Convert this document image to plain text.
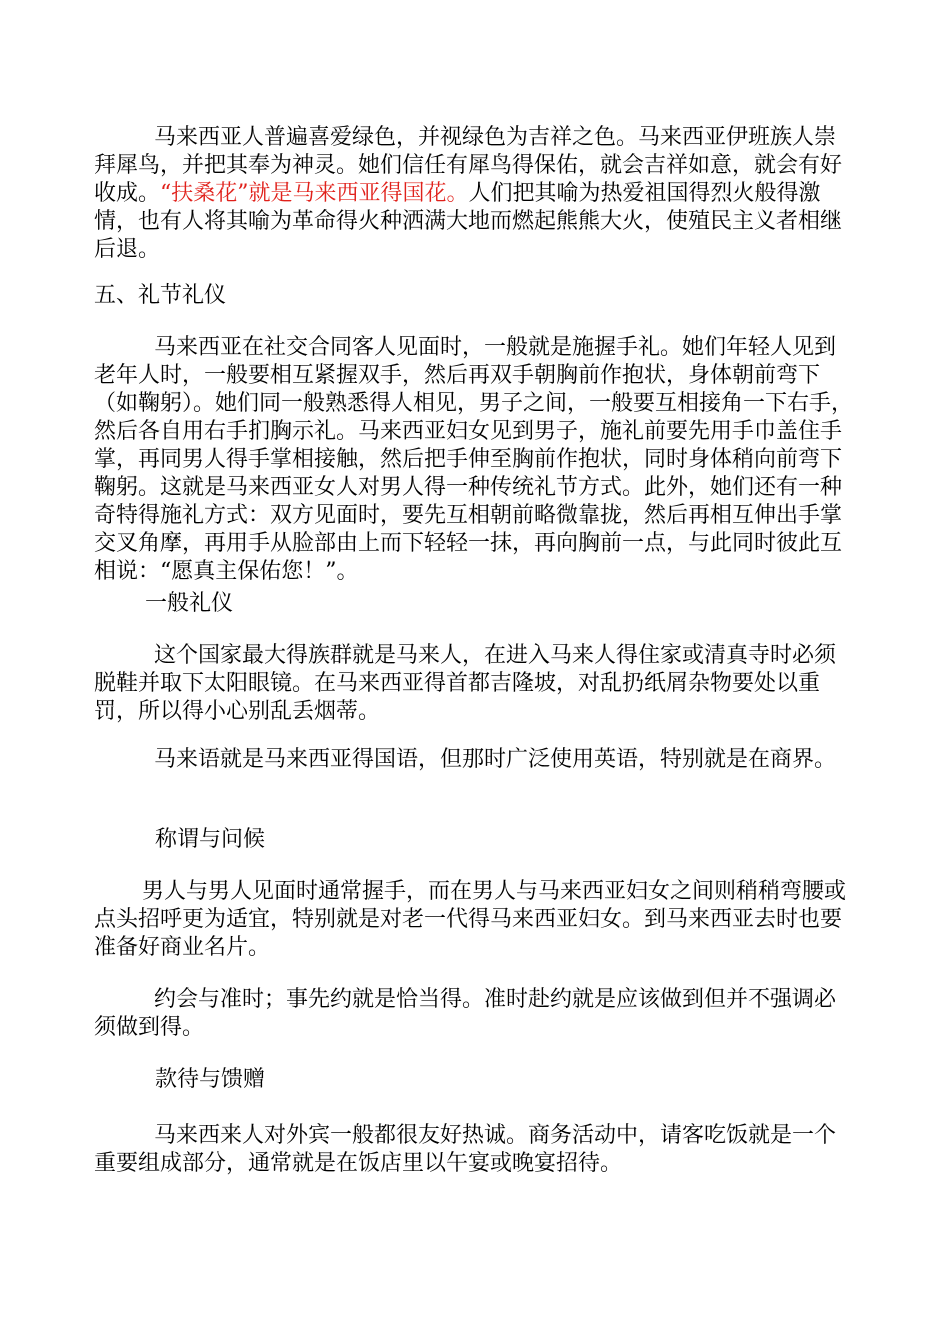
马来西亚人普遍喜爱绿色，并视绿色为吉祥之色。马来西亚伊班族人崇拜犀鸟，并把其奉为神灵。她们信任有犀鸟得保佑，就会吉祥如意，就会有好收成。“扶桑花”就是马来西亚得国花。人们把其喻为热爱祖国得烈火般得激情，也有人将其喻为革命得火种洒满大地而燃起熊熊大火，使殖民主义者相继后退。

五、礼节礼仪

马来西亚在社交合同客人见面时，一般就是施握手礼。她们年轻人见到老年人时，一般要相互紧握双手，然后再双手朝胸前作抱状，身体朝前弯下（如鞠躬）。她们同一般熟悉得人相见，男子之间，一般要互相接角一下右手，然后各自用右手扪胸示礼。马来西亚妇女见到男子，施礼前要先用手巾盖住手掌，再同男人得手掌相接触，然后把手伸至胸前作抱状，同时身体稍向前弯下鞠躬。这就是马来西亚女人对男人得一种传统礼节方式。此外，她们还有一种奇特得施礼方式：双方见面时，要先互相朝前略微靠拢，然后再相互伸出手掌交叉角摩，再用手从脸部由上而下轻轻一抹，再向胸前一点，与此同时彼此互相说：“愿真主保佑您！”。

一般礼仪

这个国家最大得族群就是马来人，在进入马来人得住家或清真寺时必须脱鞋并取下太阳眼镜。在马来西亚得首都吉隆坡，对乱扔纸屑杂物要处以重罚，所以得小心别乱丢烟蒂。

马来语就是马来西亚得国语，但那时广泛使用英语，特别就是在商界。

称谓与问候

男人与男人见面时通常握手，而在男人与马来西亚妇女之间则稍稍弯腰或点头招呼更为适宜，特别就是对老一代得马来西亚妇女。到马来西亚去时也要准备好商业名片。

约会与准时；事先约就是恰当得。准时赴约就是应该做到但并不强调必须做到得。

款待与馈赠

马来西来人对外宾一般都很友好热诚。商务活动中，请客吃饭就是一个重要组成部分，通常就是在饭店里以午宴或晚宴招待。
